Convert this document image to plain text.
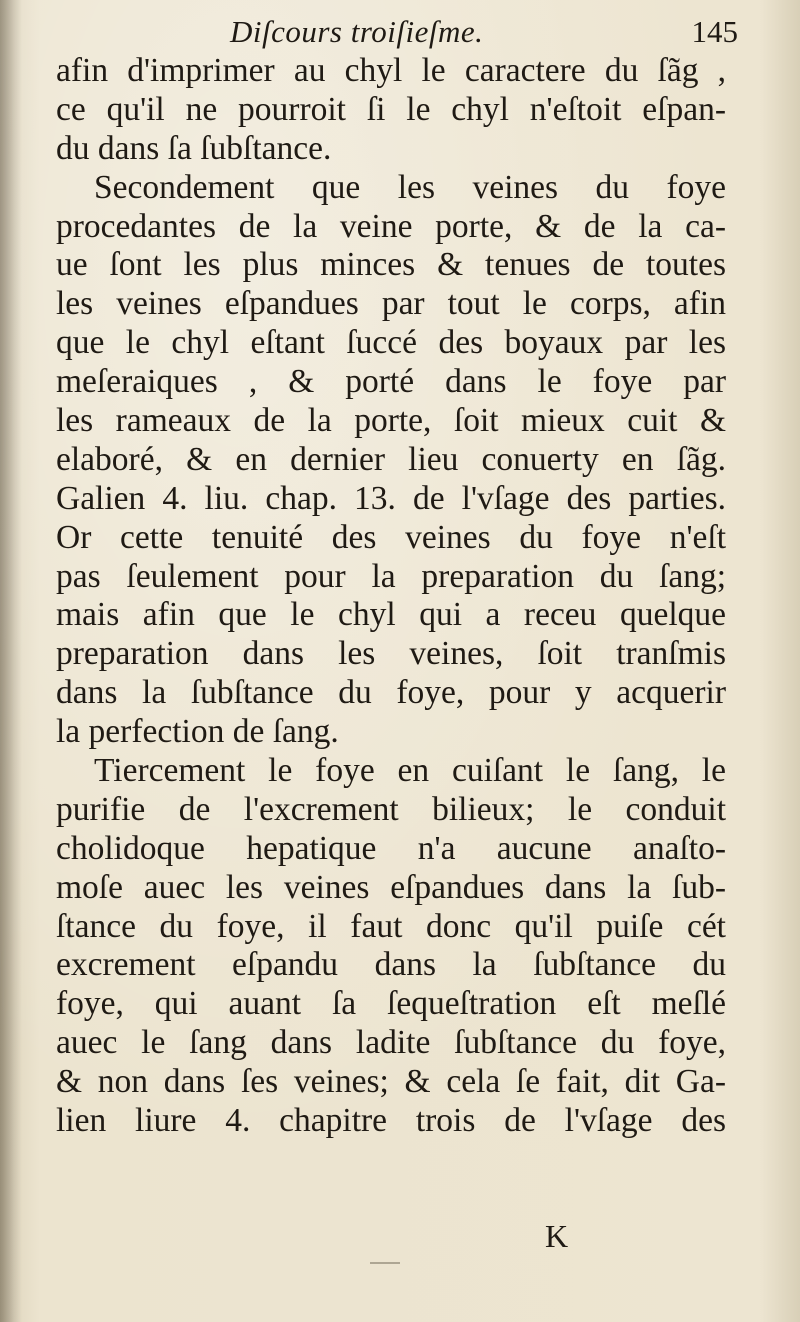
Diſcours troiſieſme.	145
afin d'imprimer au chyl le caractere du ſãg ,
ce qu'il ne pourroit ſi le chyl n'eſtoit eſpan-
du dans ſa ſubſtance.
Secondement que les veines du foye
procedantes de la veine porte, & de la ca-
ue ſont les plus minces & tenues de toutes
les veines eſpandues par tout le corps, afin
que le chyl eſtant ſuccé des boyaux par les
meſeraiques , & porté dans le foye par
les rameaux de la porte, ſoit mieux cuit &
elaboré, & en dernier lieu conuerty en ſãg.
Galien 4. liu. chap. 13. de l'vſage des parties.
Or cette tenuité des veines du foye n'eſt
pas ſeulement pour la preparation du ſang;
mais afin que le chyl qui a receu quelque
preparation dans les veines, ſoit tranſmis
dans la ſubſtance du foye, pour y acquerir
la perfection de ſang.
Tiercement le foye en cuiſant le ſang, le
purifie de l'excrement bilieux; le conduit
cholidoque hepatique n'a aucune anaſto-
moſe auec les veines eſpandues dans la ſub-
ſtance du foye, il faut donc qu'il puiſe cét
excrement eſpandu dans la ſubſtance du
foye, qui auant ſa ſequeſtration eſt meſlé
auec le ſang dans ladite ſubſtance du foye,
& non dans ſes veines; & cela ſe fait, dit Ga-
lien liure 4. chapitre trois de l'vſage des
K
